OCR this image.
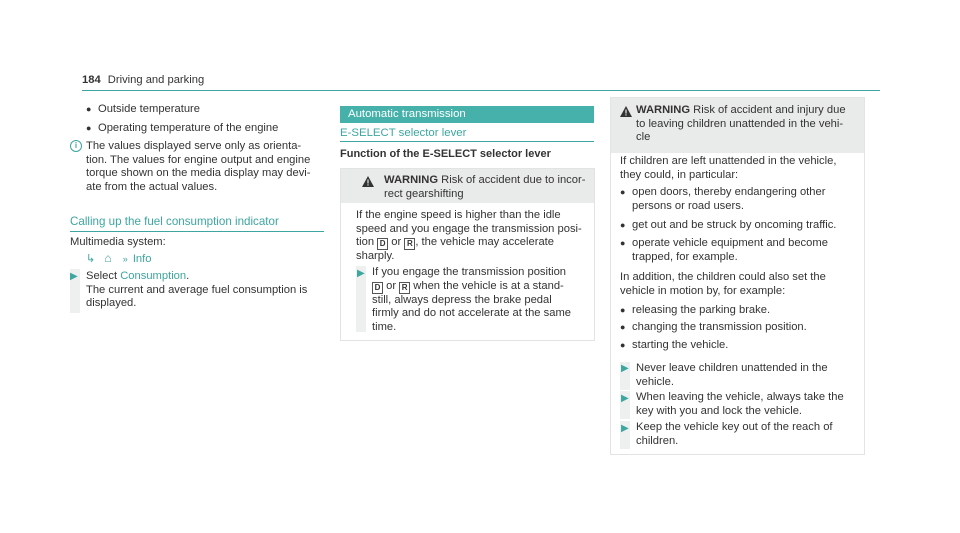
184 Driving and parking
● Outside temperature
● Operating temperature of the engine
i The values displayed serve only as orienta-
tion. The values for engine output and engine
torque shown on the media display may devi-
ate from the actual values.
Calling up the fuel consumption indicator
Multimedia system:
↳ ⌂ » Info
▶ Select Consumption.
The current and average fuel consumption is
displayed.
Automatic transmission
E-SELECT selector lever
Function of the E-SELECT selector lever
WARNING Risk of accident due to incor-
rect gearshifting
If the engine speed is higher than the idle
speed and you engage the transmission posi-
tion D or R , the vehicle may accelerate
sharply.
▶ If you engage the transmission position
D or R when the vehicle is at a stand-
still, always depress the brake pedal
firmly and do not accelerate at the same
time.
WARNING Risk of accident and injury due
to leaving children unattended in the vehi-
cle
If children are left unattended in the vehicle,
they could, in particular:
● open doors, thereby endangering other
persons or road users.
● get out and be struck by oncoming traffic.
● operate vehicle equipment and become
trapped, for example.
In addition, the children could also set the
vehicle in motion by, for example:
● releasing the parking brake.
● changing the transmission position.
● starting the vehicle.
▶ Never leave children unattended in the
vehicle.
▶ When leaving the vehicle, always take the
key with you and lock the vehicle.
▶ Keep the vehicle key out of the reach of
children.
